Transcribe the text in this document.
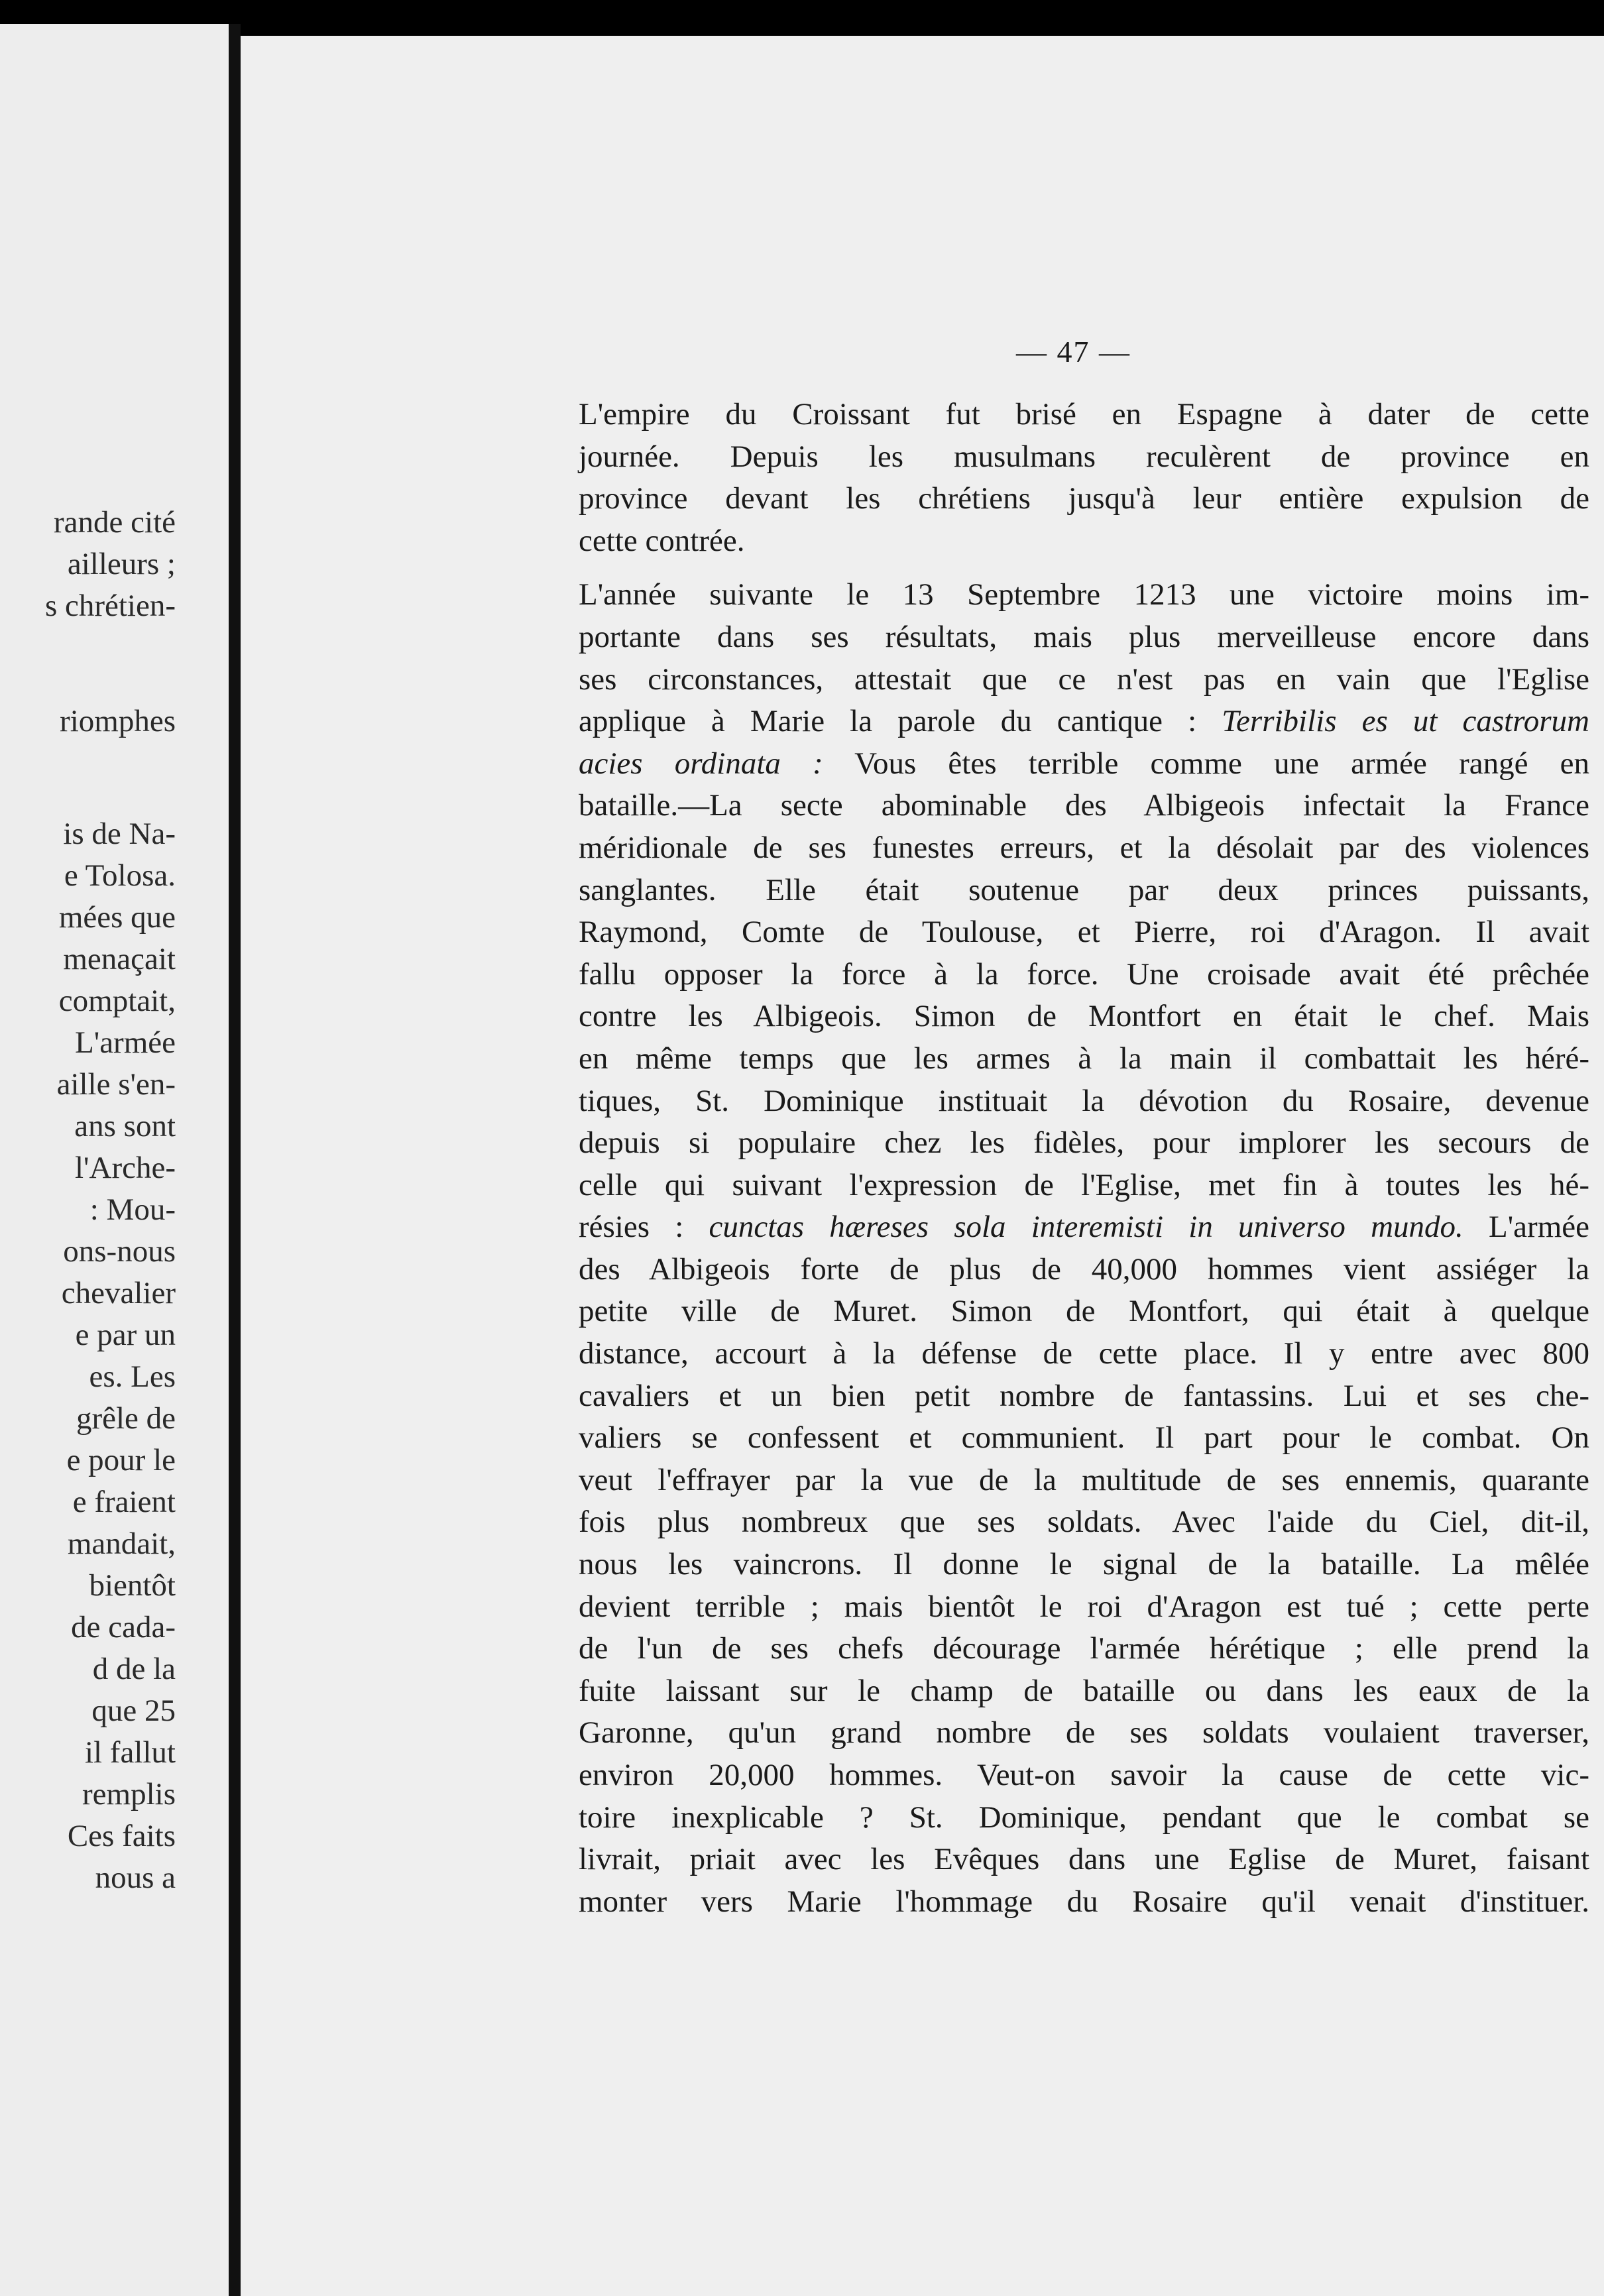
rande cité
ailleurs ;
s chrétien-
riomphes
is de Na-
e Tolosa.
mées que
menaçait
comptait,
L'armée
aille s'en-
ans sont
l'Arche-
: Mou-
ons-nous
chevalier
e par un
es. Les
grêle de
e pour le
e fraient
mandait,
bientôt
de cada-
d de la
que 25
il fallut
remplis
Ces faits
nous a
— 47 —
L'empire du Croissant fut brisé en Espagne à dater de cette
journée. Depuis les musulmans reculèrent de province en
province devant les chrétiens jusqu'à leur entière expulsion de
cette contrée.
L'année suivante le 13 Septembre 1213 une victoire moins im-
portante dans ses résultats, mais plus merveilleuse encore dans
ses circonstances, attestait que ce n'est pas en vain que l'Eglise
applique à Marie la parole du cantique : Terribilis es ut castrorum
acies ordinata : Vous êtes terrible comme une armée rangé en
bataille.—La secte abominable des Albigeois infectait la France
méridionale de ses funestes erreurs, et la désolait par des violences
sanglantes. Elle était soutenue par deux princes puissants,
Raymond, Comte de Toulouse, et Pierre, roi d'Aragon. Il avait
fallu opposer la force à la force. Une croisade avait été prêchée
contre les Albigeois. Simon de Montfort en était le chef. Mais
en même temps que les armes à la main il combattait les héré-
tiques, St. Dominique instituait la dévotion du Rosaire, devenue
depuis si populaire chez les fidèles, pour implorer les secours de
celle qui suivant l'expression de l'Eglise, met fin à toutes les hé-
résies : cunctas hæreses sola interemisti in universo mundo. L'armée
des Albigeois forte de plus de 40,000 hommes vient assiéger la
petite ville de Muret. Simon de Montfort, qui était à quelque
distance, accourt à la défense de cette place. Il y entre avec 800
cavaliers et un bien petit nombre de fantassins. Lui et ses che-
valiers se confessent et communient. Il part pour le combat. On
veut l'effrayer par la vue de la multitude de ses ennemis, quarante
fois plus nombreux que ses soldats. Avec l'aide du Ciel, dit-il,
nous les vaincrons. Il donne le signal de la bataille. La mêlée
devient terrible ; mais bientôt le roi d'Aragon est tué ; cette perte
de l'un de ses chefs décourage l'armée hérétique ; elle prend la
fuite laissant sur le champ de bataille ou dans les eaux de la
Garonne, qu'un grand nombre de ses soldats voulaient traverser,
environ 20,000 hommes. Veut-on savoir la cause de cette vic-
toire inexplicable ? St. Dominique, pendant que le combat se
livrait, priait avec les Evêques dans une Eglise de Muret, faisant
monter vers Marie l'hommage du Rosaire qu'il venait d'instituer.
